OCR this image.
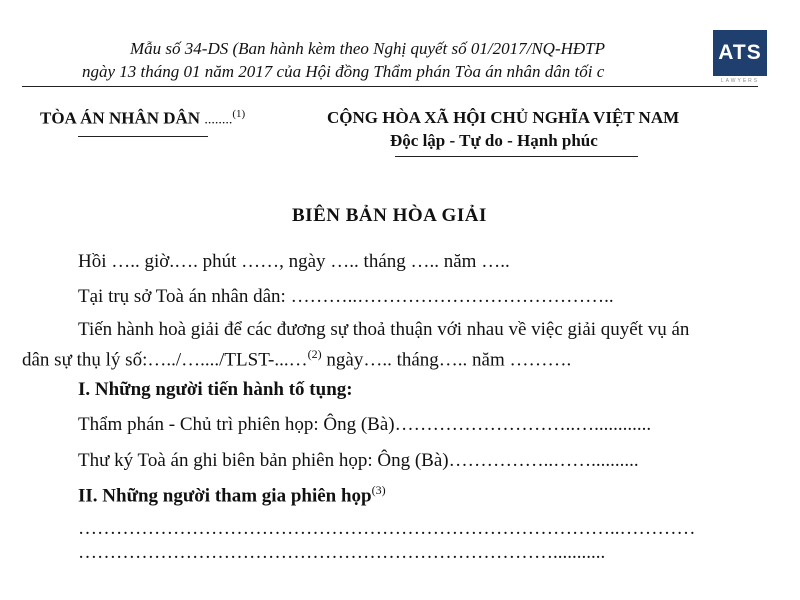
Mẫu số 34-DS (Ban hành kèm theo Nghị quyết số 01/2017/NQ-HĐTP
ngày 13 tháng 01 năm 2017 của Hội đồng Thẩm phán Tòa án nhân dân tối c
ATS
LAWYERS
TÒA ÁN NHÂN DÂN ........$^{(1)}$	CỘNG HÒA XÃ HỘI CHỦ NGHĨA VIỆT NAM
Độc lập - Tự do - Hạnh phúc
BIÊN BẢN HÒA GIẢI
Hồi ….. giờ.…. phút ……, ngày ….. tháng ….. năm …..
Tại trụ sở Toà án nhân dân: ………..…………………………………..
Tiến hành hoà giải để các đương sự thoả thuận với nhau về việc giải quyết vụ án
dân sự thụ lý số:…../…..../TLST-...…$^{(2)}$ ngày….. tháng….. năm ……….
I. Những người tiến hành tố tụng:
Thẩm phán - Chủ trì phiên họp: Ông (Bà)………………………..…............
Thư ký Toà án ghi biên bản phiên họp: Ông (Bà)……………..……..........
II. Những người tham gia phiên họp$^{(3)}$
…………………………………………………………………………..…………
…………………………………………………………………...........
